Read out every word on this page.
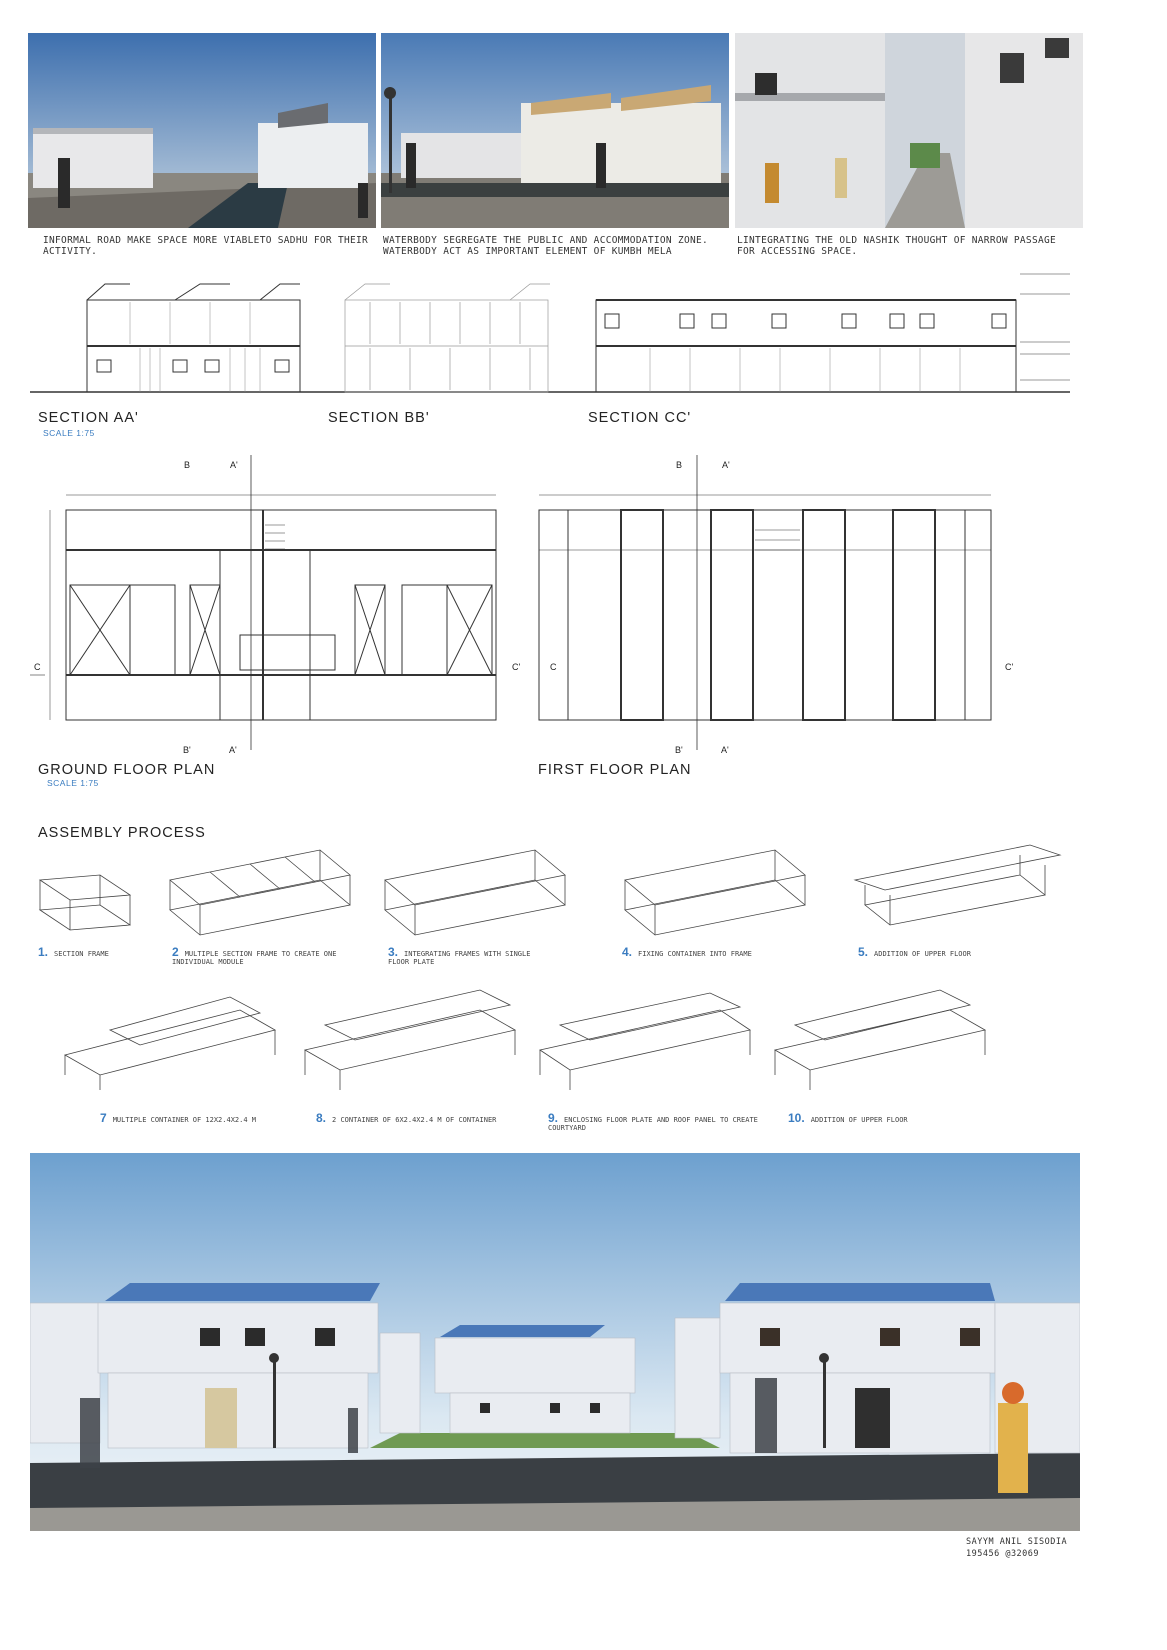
INFORMAL ROAD MAKE SPACE MORE VIABLETO SADHU FOR THEIR ACTIVITY.
WATERBODY SEGREGATE THE PUBLIC AND ACCOMMODATION ZONE. WATERBODY ACT AS IMPORTANT ELEMENT OF KUMBH MELA
LINTEGRATING THE OLD NASHIK THOUGHT OF NARROW PASSAGE FOR ACCESSING SPACE.
SECTION AA'
SCALE 1:75
SECTION BB'	SECTION CC'
B	A'
C	C'
B'	A'
B	A'
C	C'
B'	A'
GROUND FLOOR PLAN
SCALE 1:75
FIRST FLOOR PLAN
ASSEMBLY PROCESS
1. SECTION FRAME	2 MULTIPLE SECTION FRAME TO CREATE ONE INDIVIDUAL MODULE
3. INTEGRATING FRAMES WITH SINGLE FLOOR PLATE
4. FIXING CONTAINER INTO FRAME	5. ADDITION OF UPPER FLOOR
7 MULTIPLE CONTAINER OF 12X2.4X2.4 M	8. 2 CONTAINER OF 6X2.4X2.4 M OF CONTAINER	9. ENCLOSING FLOOR PLATE AND ROOF PANEL TO CREATE COURTYARD
10. ADDITION OF UPPER FLOOR
SAYYM ANIL SISODIA
195456 @32069
